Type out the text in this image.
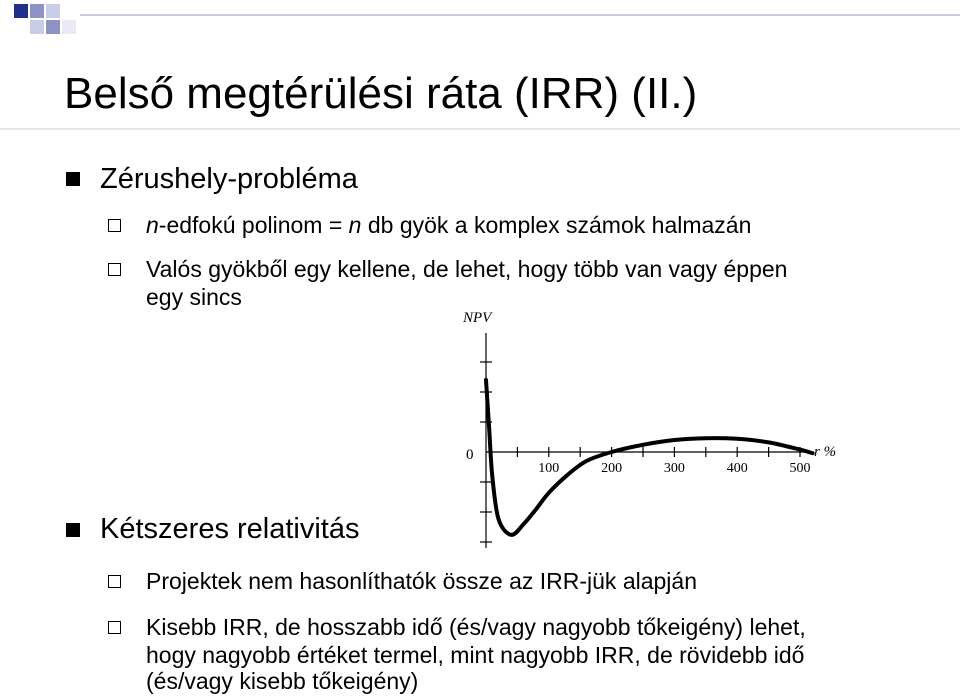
Belső megtérülési ráta (IRR) (II.)
Zérushely-probléma
n-edfokú polinom = n db gyök a komplex számok halmazán
Valós gyökből egy kellene, de lehet, hogy több van vagy éppen
egy sincs
Kétszeres relativitás
Projektek nem hasonlíthatók össze az IRR-jük alapján
Kisebb IRR, de hosszabb idő (és/vagy nagyobb tőkeigény) lehet,
hogy nagyobb értéket termel, mint nagyobb IRR, de rövidebb idő
(és/vagy kisebb tőkeigény)
NPV
0	r %
100	200	300	400	500
